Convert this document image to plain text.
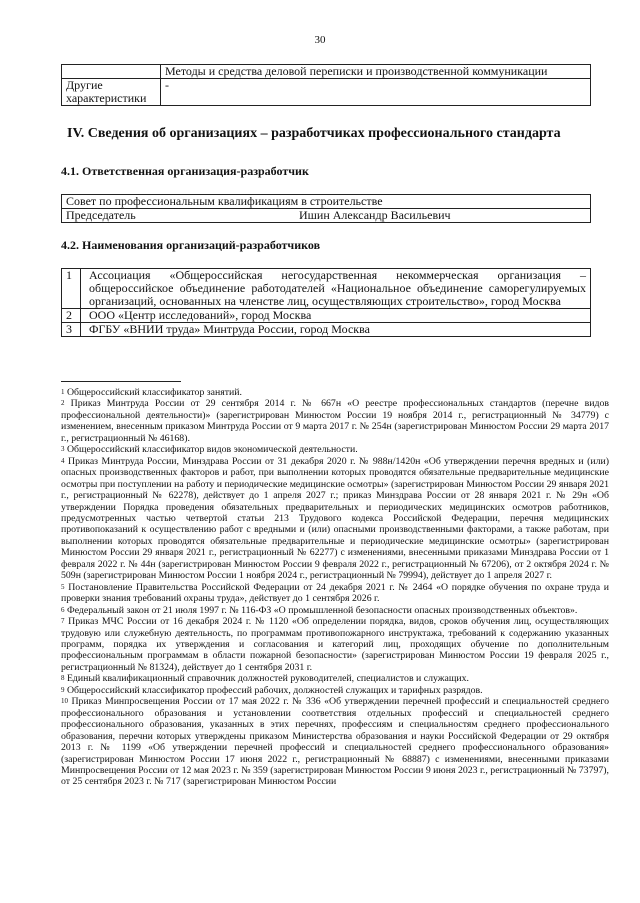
30
	Методы и средства деловой переписки и производственной коммуникации
Другие характеристики	-
IV. Сведения об организациях – разработчиках профессионального стандарта
4.1. Ответственная организация-разработчик
Совет по профессиональным квалификациям в строительстве
Председатель	Ишин Александр Васильевич
4.2. Наименования организаций-разработчиков
1	Ассоциация «Общероссийская негосударственная некоммерческая организация – общероссийское объединение работодателей «Национальное объединение саморегулируемых организаций, основанных на членстве лиц, осуществляющих строительство», город Москва
2	ООО «Центр исследований», город Москва
3	ФГБУ «ВНИИ труда» Минтруда России, город Москва

$^1$ Общероссийский классификатор занятий.

$^2$ Приказ Минтруда России от 29 сентября 2014 г. № 667н «О реестре профессиональных стандартов (перечне видов профессиональной деятельности)» (зарегистрирован Минюстом России 19 ноября 2014 г., регистрационный № 34779) с изменением, внесенным приказом Минтруда России от 9 марта 2017 г. № 254н (зарегистрирован Минюстом России 29 марта 2017 г., регистрационный № 46168).

$^3$ Общероссийский классификатор видов экономической деятельности.

$^4$ Приказ Минтруда России, Минздрава России от 31 декабря 2020 г. № 988н/1420н «Об утверждении перечня вредных и (или) опасных производственных факторов и работ, при выполнении которых проводятся обязательные предварительные медицинские осмотры при поступлении на работу и периодические медицинские осмотры» (зарегистрирован Минюстом России 29 января 2021 г., регистрационный № 62278), действует до 1 апреля 2027 г.; приказ Минздрава России от 28 января 2021 г. № 29н «Об утверждении Порядка проведения обязательных предварительных и периодических медицинских осмотров работников, предусмотренных частью четвертой статьи 213 Трудового кодекса Российской Федерации, перечня медицинских противопоказаний к осуществлению работ с вредными и (или) опасными производственными факторами, а также работам, при выполнении которых проводятся обязательные предварительные и периодические медицинские осмотры» (зарегистрирован Минюстом России 29 января 2021 г., регистрационный № 62277) с изменениями, внесенными приказами Минздрава России от 1 февраля 2022 г. № 44н (зарегистрирован Минюстом России 9 февраля 2022 г., регистрационный № 67206), от 2 октября 2024 г. № 509н (зарегистрирован Минюстом России 1 ноября 2024 г., регистрационный № 79994), действует до 1 апреля 2027 г.

$^5$ Постановление Правительства Российской Федерации от 24 декабря 2021 г. № 2464 «О порядке обучения по охране труда и проверки знания требований охраны труда», действует до 1 сентября 2026 г.

$^6$ Федеральный закон от 21 июля 1997 г. № 116-ФЗ «О промышленной безопасности опасных производственных объектов».

$^7$ Приказ МЧС России от 16 декабря 2024 г. № 1120 «Об определении порядка, видов, сроков обучения лиц, осуществляющих трудовую или служебную деятельность, по программам противопожарного инструктажа, требований к содержанию указанных программ, порядка их утверждения и согласования и категорий лиц, проходящих обучение по дополнительным профессиональным программам в области пожарной безопасности» (зарегистрирован Минюстом России 19 февраля 2025 г., регистрационный № 81324), действует до 1 сентября 2031 г.

$^8$ Единый квалификационный справочник должностей руководителей, специалистов и служащих.

$^9$ Общероссийский классификатор профессий рабочих, должностей служащих и тарифных разрядов.

$^{10}$ Приказ Минпросвещения России от 17 мая 2022 г. № 336 «Об утверждении перечней профессий и специальностей среднего профессионального образования и установлении соответствия отдельных профессий и специальностей среднего профессионального образования, указанных в этих перечнях, профессиям и специальностям среднего профессионального образования, перечни которых утверждены приказом Министерства образования и науки Российской Федерации от 29 октября 2013 г. № 1199 «Об утверждении перечней профессий и специальностей среднего профессионального образования» (зарегистрирован Минюстом России 17 июня 2022 г., регистрационный № 68887) с изменениями, внесенными приказами Минпросвещения России от 12 мая 2023 г. № 359 (зарегистрирован Минюстом России 9 июня 2023 г., регистрационный № 73797), от 25 сентября 2023 г. № 717 (зарегистрирован Минюстом России
